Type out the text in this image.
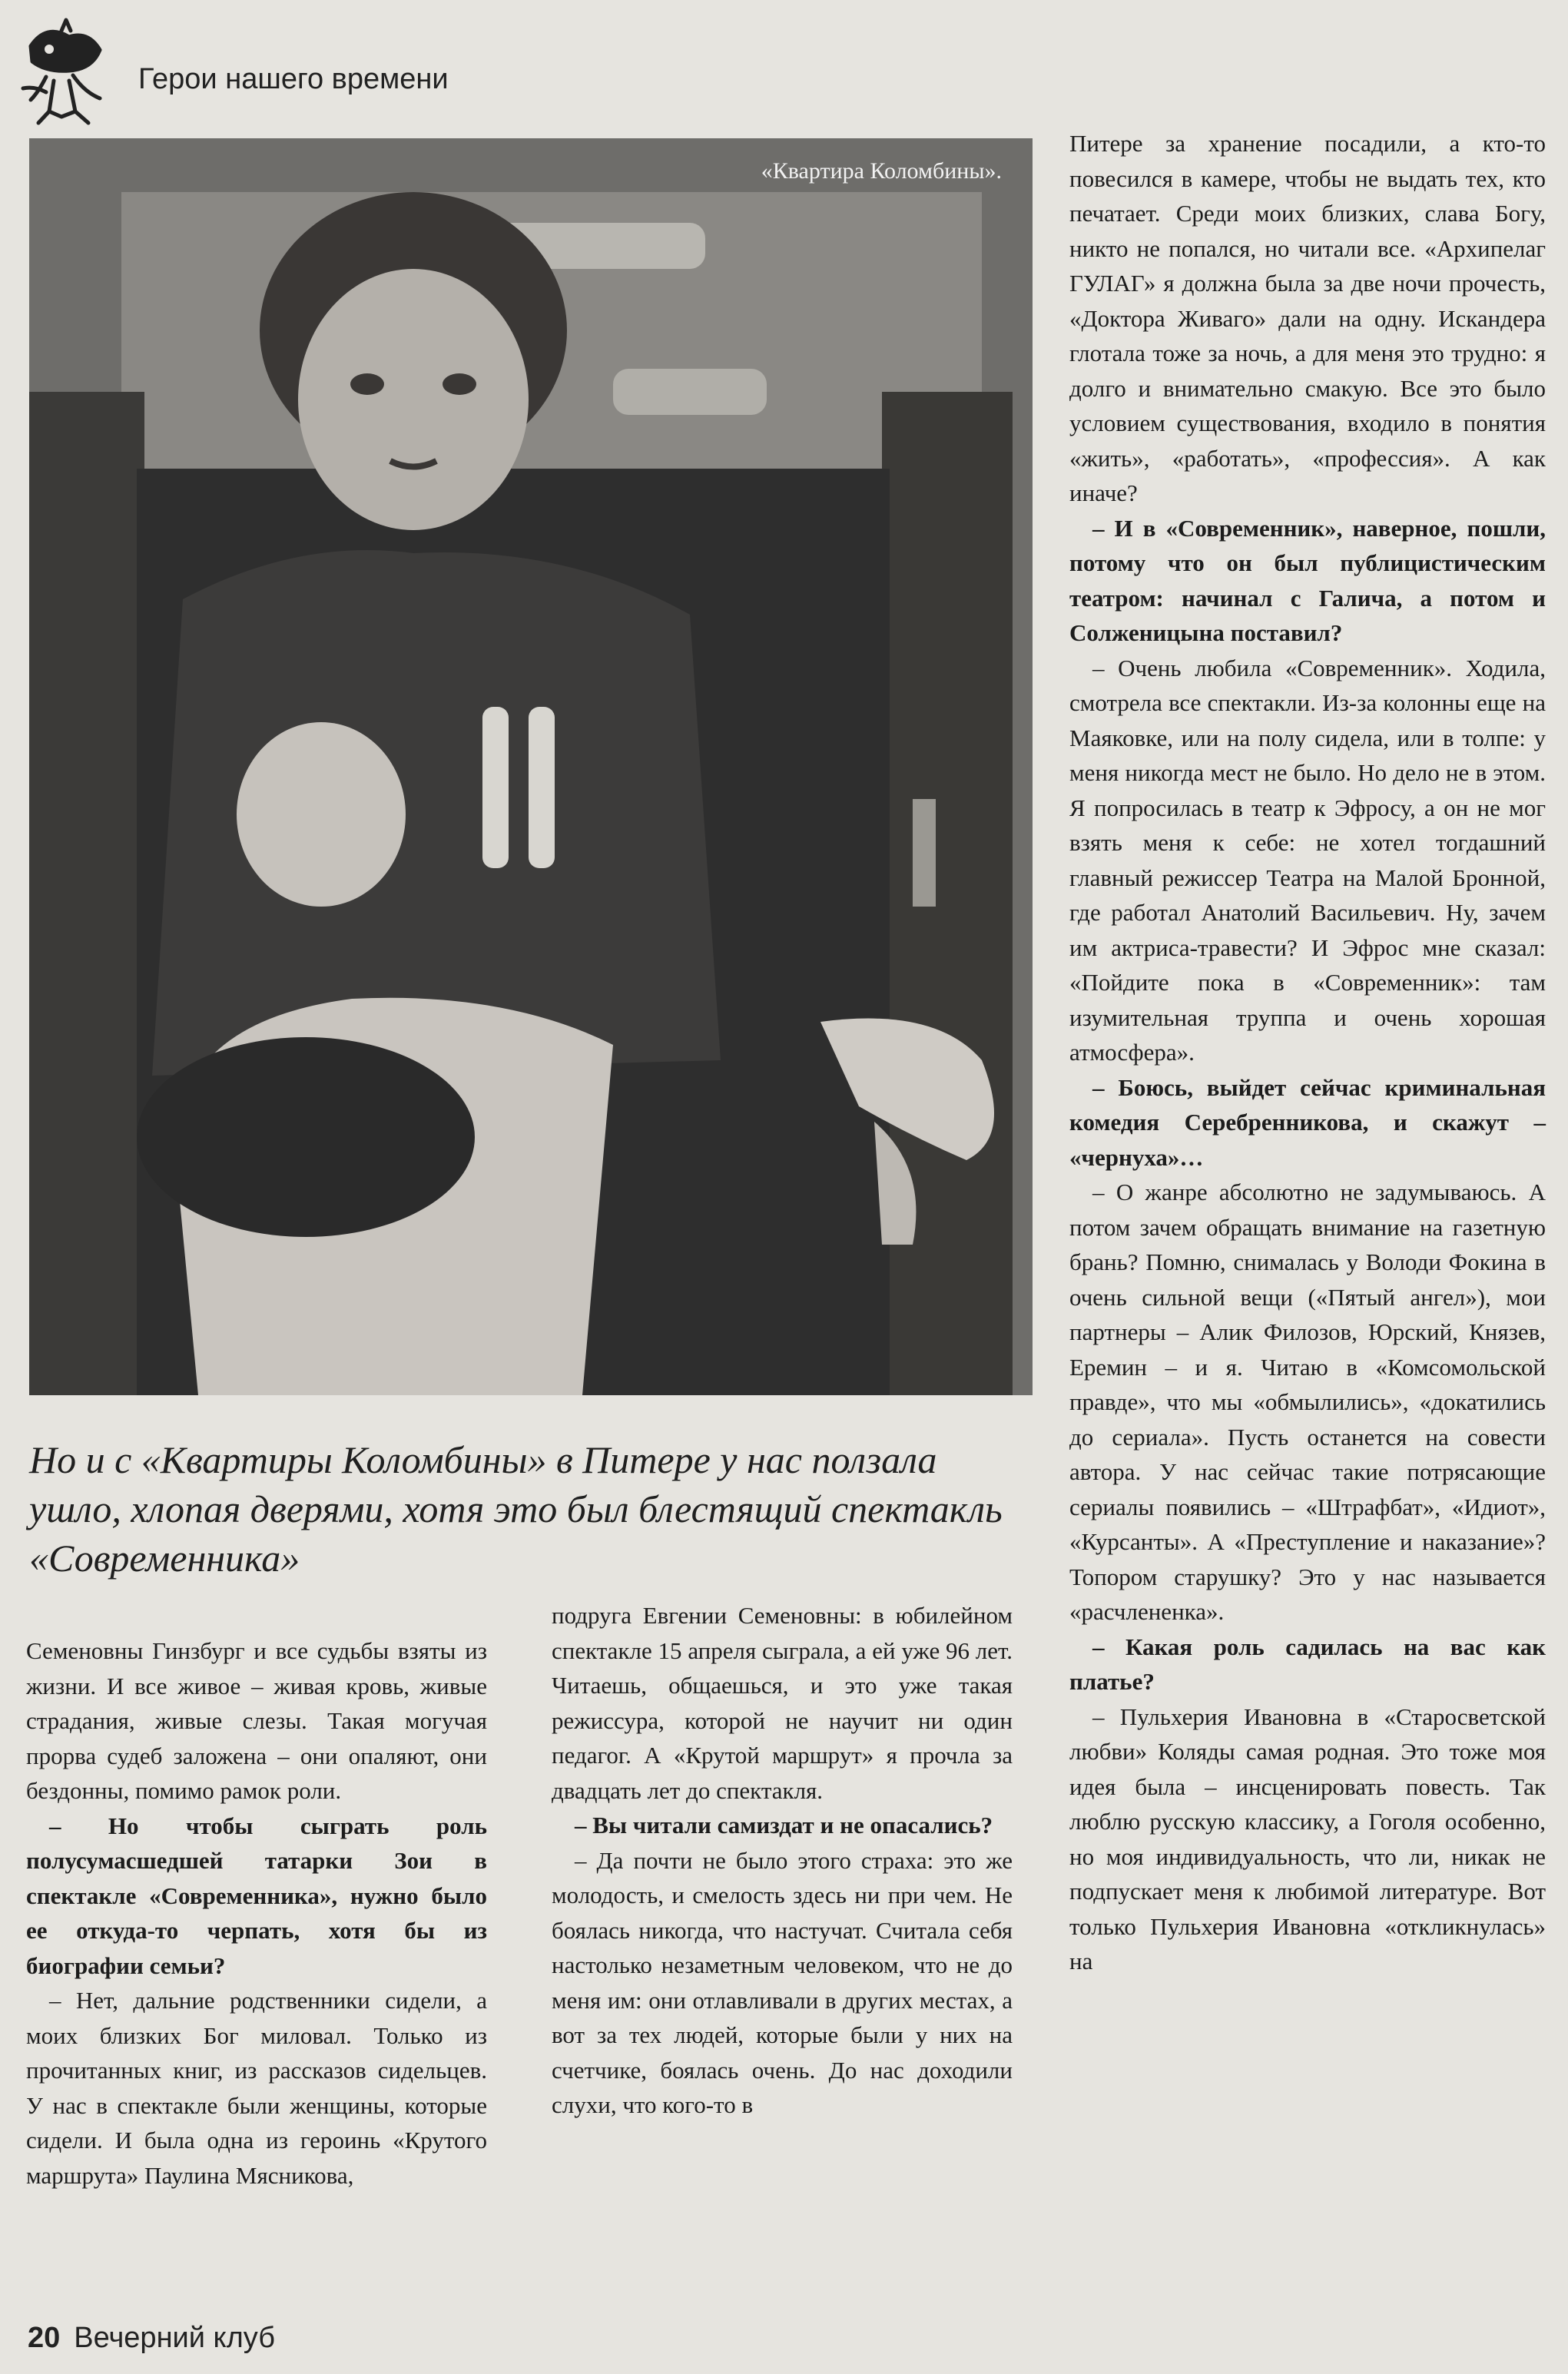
Герои нашего времени
«Квартира Коломбины».
Но и с «Квартиры Коломбины» в Питере у нас ползала ушло, хлопая дверями, хотя это был блестящий спектакль «Современника»

Семеновны Гинзбург и все судьбы взяты из жизни. И все живое – живая кровь, живые страдания, живые слезы. Такая могучая прорва судеб заложена – они опаляют, они бездонны, помимо рамок роли.

– Но чтобы сыграть роль полусумасшедшей татарки Зои в спектакле «Современника», нужно было ее откуда-то черпать, хотя бы из биографии семьи?

– Нет, дальние родственники сидели, а моих близких Бог миловал. Только из прочитанных книг, из рассказов сидельцев. У нас в спектакле были женщины, которые сидели. И была одна из героинь «Крутого маршрута» Паулина Мясникова,

подруга Евгении Семеновны: в юбилейном спектакле 15 апреля сыграла, а ей уже 96 лет. Читаешь, общаешься, и это уже такая режиссура, которой не научит ни один педагог. А «Крутой маршрут» я прочла за двадцать лет до спектакля.

– Вы читали самиздат и не опасались?

– Да почти не было этого страха: это же молодость, и смелость здесь ни при чем. Не боялась никогда, что настучат. Считала себя настолько незаметным человеком, что не до меня им: они отлавливали в других местах, а вот за тех людей, которые были у них на счетчике, боялась очень. До нас доходили слухи, что кого-то в

Питере за хранение посадили, а кто-то повесился в камере, чтобы не выдать тех, кто печатает. Среди моих близких, слава Богу, никто не попался, но читали все. «Архипелаг ГУЛАГ» я должна была за две ночи прочесть, «Доктора Живаго» дали на одну. Искандера глотала тоже за ночь, а для меня это трудно: я долго и внимательно смакую. Все это было условием существования, входило в понятия «жить», «работать», «профессия». А как иначе?

– И в «Современник», наверное, пошли, потому что он был публицистическим театром: начинал с Галича, а потом и Солженицына поставил?

– Очень любила «Современник». Ходила, смотрела все спектакли. Из-за колонны еще на Маяковке, или на полу сидела, или в толпе: у меня никогда мест не было. Но дело не в этом. Я попросилась в театр к Эфросу, а он не мог взять меня к себе: не хотел тогдашний главный режиссер Театра на Малой Бронной, где работал Анатолий Васильевич. Ну, зачем им актриса-травести? И Эфрос мне сказал: «Пойдите пока в «Современник»: там изумительная труппа и очень хорошая атмосфера».

– Боюсь, выйдет сейчас криминальная комедия Серебренникова, и скажут – «чернуха»…

– О жанре абсолютно не задумываюсь. А потом зачем обращать внимание на газетную брань? Помню, снималась у Володи Фокина в очень сильной вещи («Пятый ангел»), мои партнеры – Алик Филозов, Юрский, Князев, Еремин – и я. Читаю в «Комсомольской правде», что мы «обмылились», «докатились до сериала». Пусть останется на совести автора. У нас сейчас такие потрясающие сериалы появились – «Штрафбат», «Идиот», «Курсанты». А «Преступление и наказание»? Топором старушку? Это у нас называется «расчлененка».

– Какая роль садилась на вас как платье?

– Пульхерия Ивановна в «Старосветской любви» Коляды самая родная. Это тоже моя идея была – инсценировать повесть. Так люблю русскую классику, а Гоголя особенно, но моя индивидуальность, что ли, никак не подпускает меня к любимой литературе. Вот только Пульхерия Ивановна «откликнулась» на

20 Вечерний клуб
